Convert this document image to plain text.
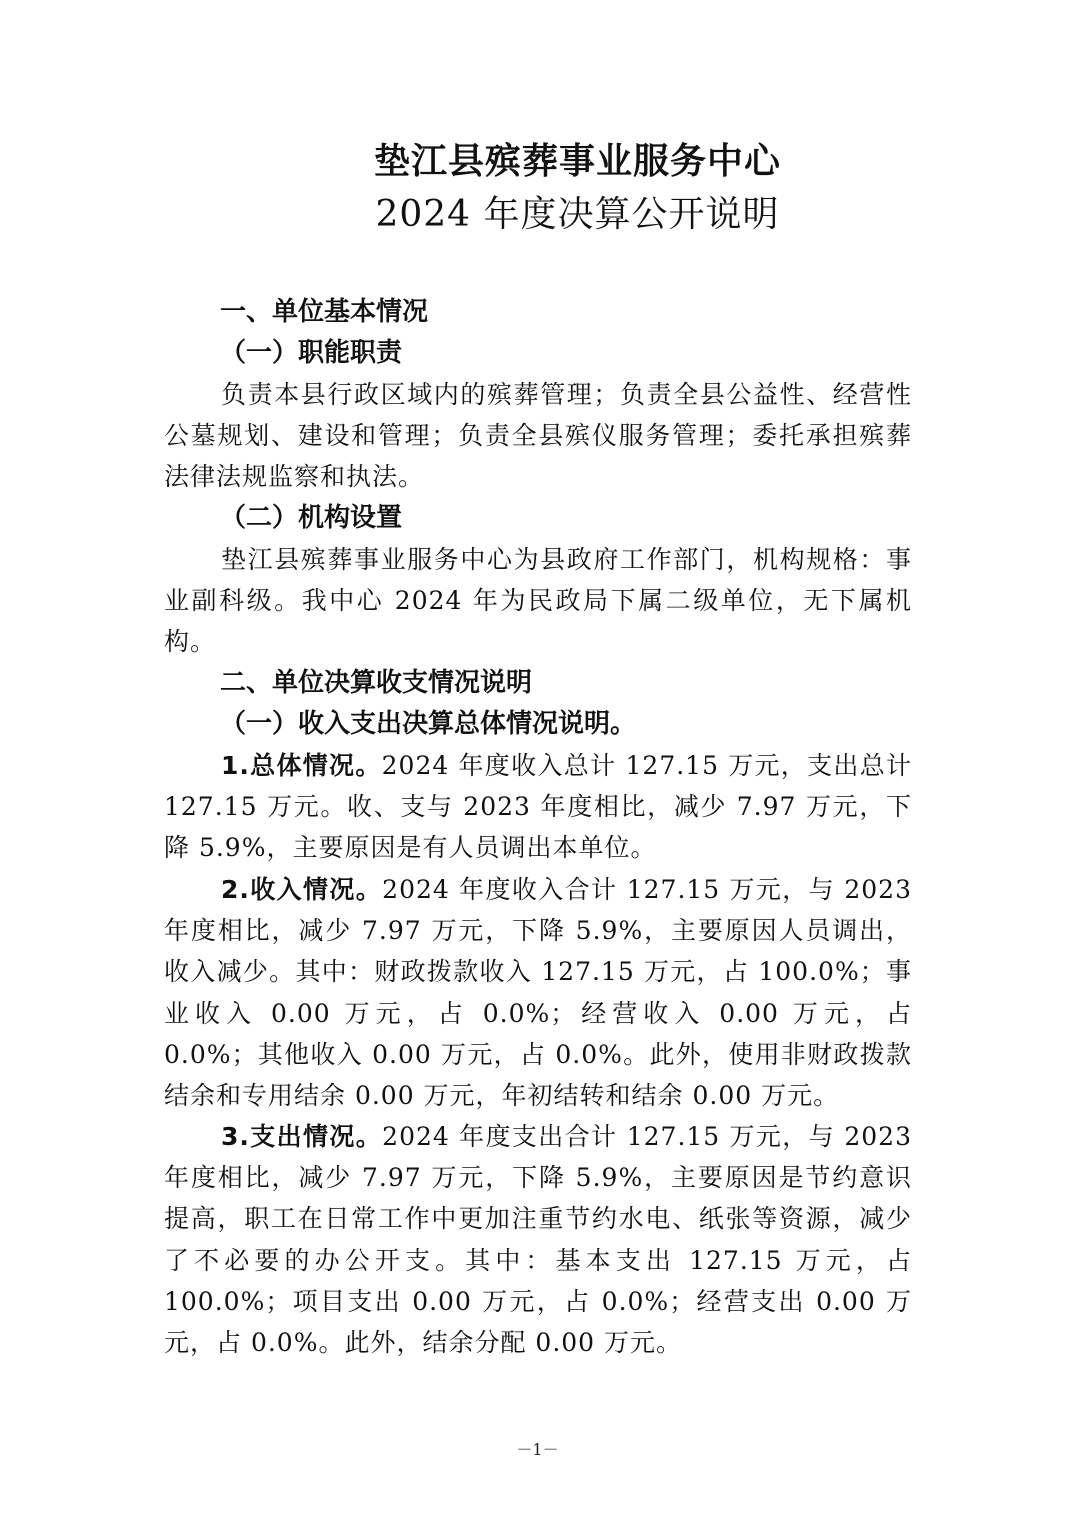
垫江县殡葬事业服务中心
2024 年度决算公开说明
一、单位基本情况
（一）职能职责
负责本县行政区域内的殡葬管理；负责全县公益性、经营性公墓规划、建设和管理；负责全县殡仪服务管理；委托承担殡葬法律法规监察和执法。
（二）机构设置
垫江县殡葬事业服务中心为县政府工作部门，机构规格：事业副科级。我中心 2024 年为民政局下属二级单位，无下属机构。
二、单位决算收支情况说明
（一）收入支出决算总体情况说明。
1.总体情况。2024 年度收入总计 127.15 万元，支出总计 127.15 万元。收、支与 2023 年度相比，减少 7.97 万元，下降 5.9%，主要原因是有人员调出本单位。
2.收入情况。2024 年度收入合计 127.15 万元，与 2023 年度相比，减少 7.97 万元，下降 5.9%，主要原因人员调出，收入减少。其中：财政拨款收入 127.15 万元，占 100.0%；事业收入 0.00 万元，占 0.0%；经营收入 0.00 万元，占 0.0%；其他收入 0.00 万元，占 0.0%。此外，使用非财政拨款结余和专用结余 0.00 万元，年初结转和结余 0.00 万元。
3.支出情况。2024 年度支出合计 127.15 万元，与 2023 年度相比，减少 7.97 万元，下降 5.9%，主要原因是节约意识提高，职工在日常工作中更加注重节约水电、纸张等资源，减少了不必要的办公开支。其中：基本支出 127.15 万元，占 100.0%；项目支出 0.00 万元，占 0.0%；经营支出 0.00 万元，占 0.0%。此外，结余分配 0.00 万元。
－1－
